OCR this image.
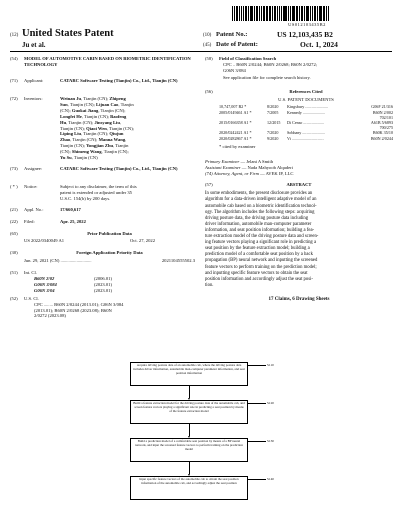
US012103435B2
(12) United States Patent
Ju et al.
(10) Patent No.:	US 12,103,435 B2
(45) Date of Patent:	Oct. 1, 2024
(54)	MODEL OF AUTOMOTIVE CABIN BASED ON BIOMETRIC IDENTIFICATION TECHNOLOGY
(71)	Applicant:	CATARC Software Testing (Tianjin) Co., Ltd., Tianjin (CN)
(72)	Inventors:	Weinan Ju, Tianjin (CN); Zhipeng
Sun, Tianjin (CN); Lijuan Cao, Tianjin
(CN); Guokai Jiang, Tianjin (CN);
Longfei He, Tianjin (CN); Baofeng
Hu, Tianjin (CN); Jinsyang Liu,
Tianjin (CN); Qiaoi Wen, Tianjin (CN);
Liping Liu, Tianjin (CN); Qiujun
Zhao, Tianjin (CN); Manna Wang,
Tianjin (CN); Yongjian Zhu, Tianjin
(CN); Shimeng Wang, Tianjin (CN);
Yu Su, Tianjin (CN)
(73)	Assignee:	CATARC Software Testing (Tianjin) Co., Ltd., Tianjin (CN)
( * )	Notice:	Subject to any disclaimer, the term of this
patent is extended or adjusted under 35
U.S.C. 154(b) by 200 days.
(21)	Appl. No.:	17/660,617
(22)	Filed:	Apr. 25, 2022
(65)	Prior Publication Data
US 2022/0340049 A1	Oct. 27, 2022
(30)	Foreign Application Priority Data
Jun. 29, 2021 (CN) ...........................	2021104555502.3
(51)	Int. Cl.
B60N 2/02	(2006.01)
G06N 3/084	(2023.01)
G06N 3/04	(2023.01)
(52)	U.S. Cl.
CPC ........ B60N 2/0244 (2013.01); G06N 3/084
(2013.01); B60N 2/0268 (2023.08); B60N
2/0272 (2023.08)
(58)	Field of Classification Search
CPC .. B60N 2/0244; B60N 2/0268; B60N 2/0272;
G06N 3/084
See application file for complete search history.
(56)	References Cited
U.S. PATENT DOCUMENTS
10,747,007 B2 *	8/2020	Kingsbury ......................	G06F 21/316
2005/0149461 A1 *	7/2005	Kennedy ......................	B60N 2/002
702/101
2015/0166358 A1 *	12/2015	Di Censo ....................	A61B 5/6893
700/275
2020/0242421 A1 *	7/2020	Sobhany ......................	B60K 35/10
2020/0282867 A1 *	9/2020	Vi ...............................	B60N 2/0244
* cited by examiner
Primary Examiner — Jelani A Smith
Assistant Examiner — Nada Mahyoob Alqaderi
(74) Attorney, Agent, or Firm — AVEK IP, LLC
(57)	ABSTRACT
In some embodiments, the present disclosure provides an
algorithm for a data-driven intelligent adaptive model of an
automobile cab based on a biometric identification technol-
ogy. The algorithm includes the following steps: acquiring
driving posture data, the driving posture data including
driver information, automobile man-computer parameter
information, and seat position information; building a fea-
ture extraction model of the driving posture data and screen-
ing feature vectors playing a significant role in predicting a
seat position by the feature extraction model; building a
prediction model of a comfortable seat position by a back
propagation (BP) neural network and inputting the screened
feature vectors to perform training on the prediction model;
and inputting specific feature vectors to obtain the seat
position information and accordingly adjust the seat posi-
tion.
17 Claims, 6 Drawing Sheets
Acquire driving posture data of an automobile cab, where the driving posture data includes driver information, automobile man-computer parameter information, and seat position information
S110
Build a feature extraction model for the driving posture data of the automobile cab, and screen feature vectors playing a significant role in predicting a seat position by means of the feature extraction model
S120
Build a prediction model of a comfortable seat position by means of a BP neural network, and input the screened feature vectors to perform training on the prediction model
S130
Input specific feature vectors of the automobile cab to obtain the seat position information of the automobile cab, and accordingly adjust the seat position
S140
